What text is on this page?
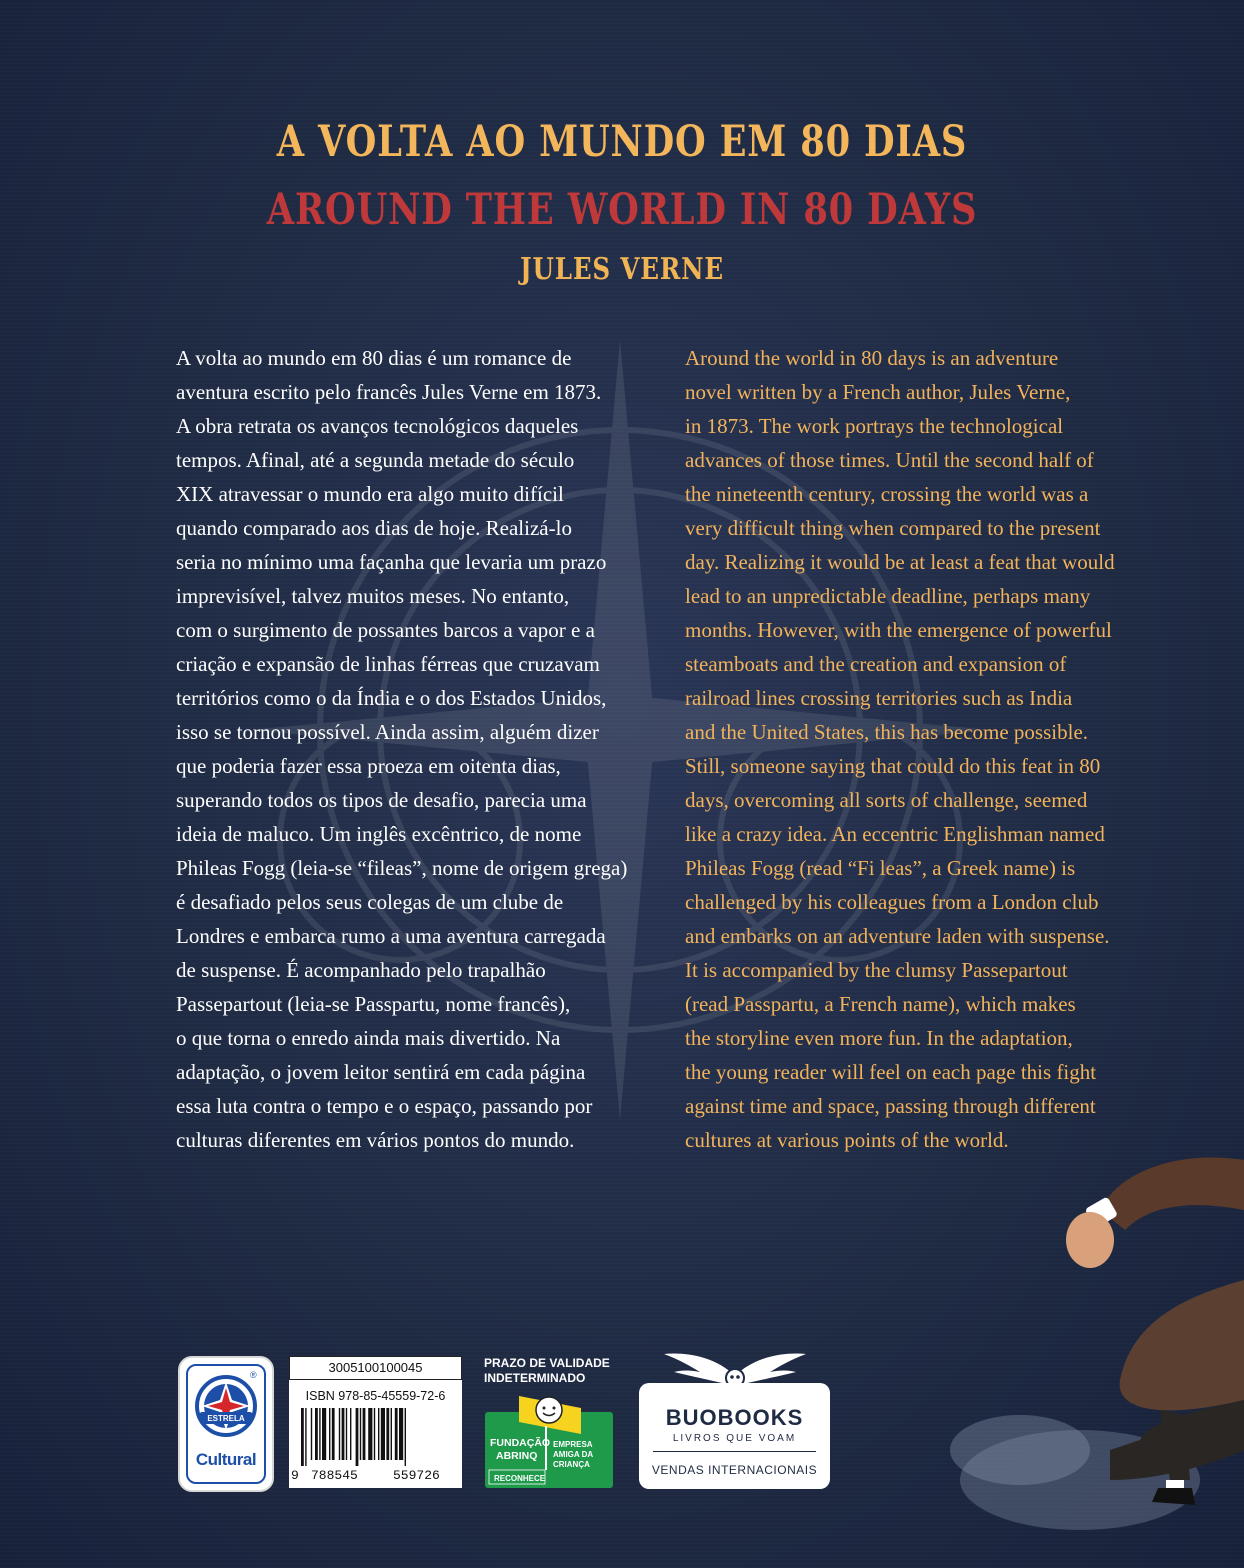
A VOLTA AO MUNDO EM 80 DIAS

AROUND THE WORLD IN 80 DAYS

JULES VERNE

A volta ao mundo em 80 dias é um romance de
aventura escrito pelo francês Jules Verne em 1873.
A obra retrata os avanços tecnológicos daqueles
tempos. Afinal, até a segunda metade do século
XIX atravessar o mundo era algo muito difícil
quando comparado aos dias de hoje. Realizá-lo
seria no mínimo uma façanha que levaria um prazo
imprevisível, talvez muitos meses. No entanto,
com o surgimento de possantes barcos a vapor e a
criação e expansão de linhas férreas que cruzavam
territórios como o da Índia e o dos Estados Unidos,
isso se tornou possível. Ainda assim, alguém dizer
que poderia fazer essa proeza em oitenta dias,
superando todos os tipos de desafio, parecia uma
ideia de maluco. Um inglês excêntrico, de nome
Phileas Fogg (leia-se “fileas”, nome de origem grega)
é desafiado pelos seus colegas de um clube de
Londres e embarca rumo a uma aventura carregada
de suspense. É acompanhado pelo trapalhão
Passepartout (leia-se Passpartu, nome francês),
o que torna o enredo ainda mais divertido. Na
adaptação, o jovem leitor sentirá em cada página
essa luta contra o tempo e o espaço, passando por
culturas diferentes em vários pontos do mundo.
Around the world in 80 days is an adventure
novel written by a French author, Jules Verne,
in 1873. The work portrays the technological
advances of those times. Until the second half of
the nineteenth century, crossing the world was a
very difficult thing when compared to the present
day. Realizing it would be at least a feat that would
lead to an unpredictable deadline, perhaps many
months. However, with the emergence of powerful
steamboats and the creation and expansion of
railroad lines crossing territories such as India
and the United States, this has become possible.
Still, someone saying that could do this feat in 80
days, overcoming all sorts of challenge, seemed
like a crazy idea. An eccentric Englishman named
Phileas Fogg (read “Fi leas”, a Greek name) is
challenged by his colleagues from a London club
and embarks on an adventure laden with suspense.
It is accompanied by the clumsy Passepartout
(read Passpartu, a French name), which makes
the storyline even more fun. In the adaptation,
the young reader will feel on each page this fight
against time and space, passing through different
cultures at various points of the world.
ESTRELA
®
Cultural
3005100100045
ISBN 978-85-45559-72-6
9 788545	559726
PRAZO DE VALIDADE
INDETERMINADO
FUNDAÇÃO
ABRINQ
EMPRESA
AMIGA DA
CRIANÇA
RECONHECE
BUOBOOKS
LIVROS QUE VOAM
VENDAS INTERNACIONAIS
